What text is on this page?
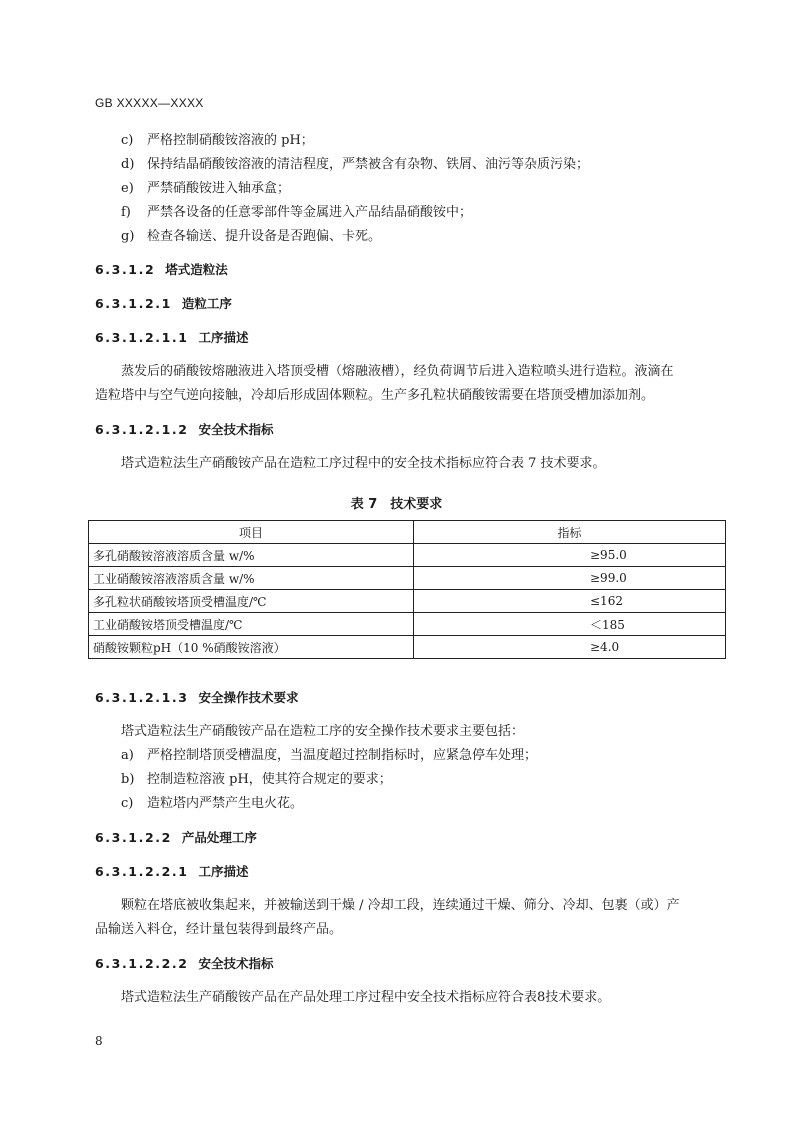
GB XXXXX—XXXX
c) 严格控制硝酸铵溶液的 pH；
d) 保持结晶硝酸铵溶液的清洁程度，严禁被含有杂物、铁屑、油污等杂质污染；
e) 严禁硝酸铵进入轴承盒；
f) 严禁各设备的任意零部件等金属进入产品结晶硝酸铵中；
g) 检查各输送、提升设备是否跑偏、卡死。
6.3.1.2 塔式造粒法
6.3.1.2.1 造粒工序
6.3.1.2.1.1 工序描述
蒸发后的硝酸铵熔融液进入塔顶受槽（熔融液槽），经负荷调节后进入造粒喷头进行造粒。液滴在
造粒塔中与空气逆向接触，冷却后形成固体颗粒。生产多孔粒状硝酸铵需要在塔顶受槽加添加剂。
6.3.1.2.1.2 安全技术指标
塔式造粒法生产硝酸铵产品在造粒工序过程中的安全技术指标应符合表 7 技术要求。
表 7　技术要求
项目	指标
多孔硝酸铵溶液溶质含量 w/%	≥95.0
工业硝酸铵溶液溶质含量 w/%	≥99.0
多孔粒状硝酸铵塔顶受槽温度/℃	≤162
工业硝酸铵塔顶受槽温度/℃	＜185
硝酸铵颗粒pH（10 %硝酸铵溶液）	≥4.0
6.3.1.2.1.3 安全操作技术要求
塔式造粒法生产硝酸铵产品在造粒工序的安全操作技术要求主要包括：
a) 严格控制塔顶受槽温度，当温度超过控制指标时，应紧急停车处理；
b) 控制造粒溶液 pH，使其符合规定的要求；
c) 造粒塔内严禁产生电火花。
6.3.1.2.2 产品处理工序
6.3.1.2.2.1 工序描述
颗粒在塔底被收集起来，并被输送到干燥 / 冷却工段，连续通过干燥、筛分、冷却、包裹（或）产
品输送入料仓，经计量包装得到最终产品。
6.3.1.2.2.2 安全技术指标
塔式造粒法生产硝酸铵产品在产品处理工序过程中安全技术指标应符合表8技术要求。
8
